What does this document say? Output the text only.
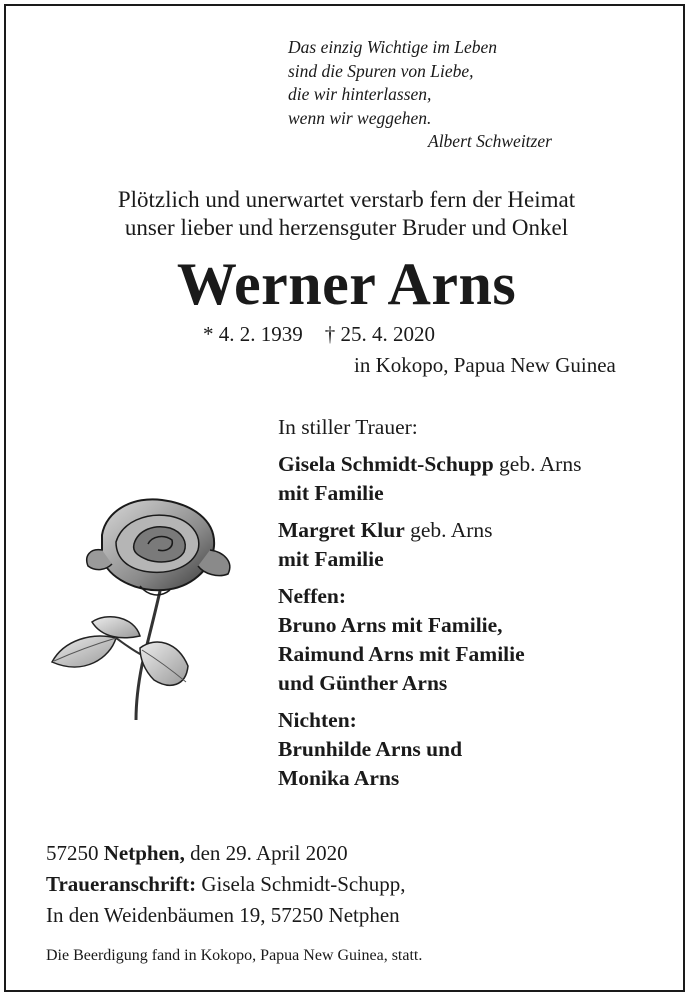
Das einzig Wichtige im Leben
sind die Spuren von Liebe,
die wir hinterlassen,
wenn wir weggehen.
Albert Schweitzer
Plötzlich und unerwartet verstarb fern der Heimat
unser lieber und herzensguter Bruder und Onkel
Werner Arns
* 4. 2. 1939 † 25. 4. 2020
in Kokopo, Papua New Guinea
In stiller Trauer:
Gisela Schmidt-Schupp geb. Arns
mit Familie
Margret Klur geb. Arns
mit Familie
Neffen:
Bruno Arns mit Familie,
Raimund Arns mit Familie
und Günther Arns
Nichten:
Brunhilde Arns und
Monika Arns
57250 Netphen, den 29. April 2020
Traueranschrift: Gisela Schmidt-Schupp,
In den Weidenbäumen 19, 57250 Netphen
Die Beerdigung fand in Kokopo, Papua New Guinea, statt.
